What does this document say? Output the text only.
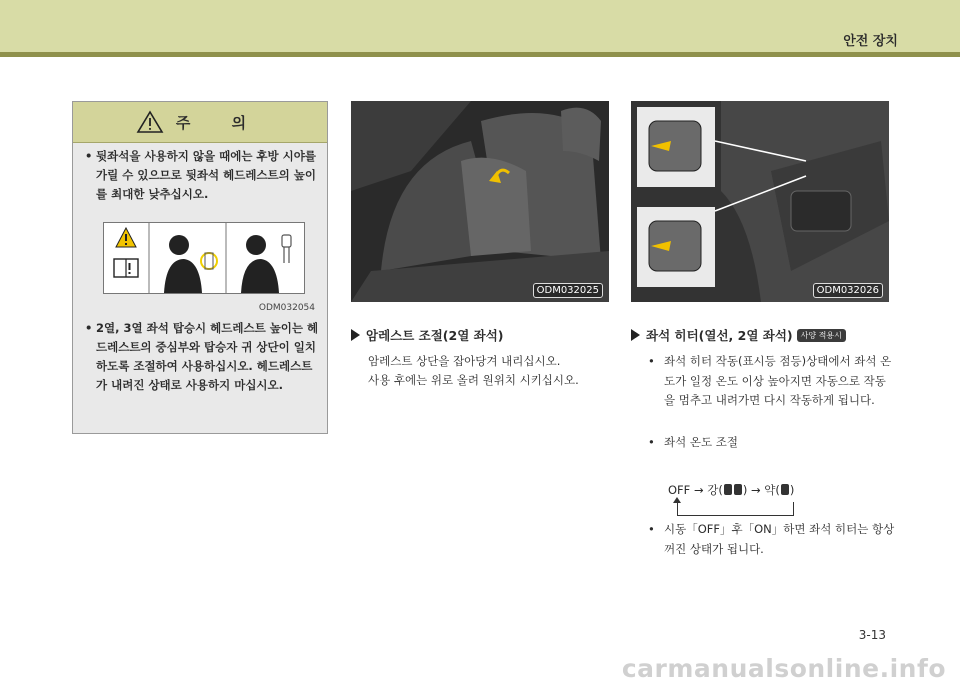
안전 장치
주 의
• 뒷좌석을 사용하지 않을 때에는 후방 시야를 가릴 수 있으므로 뒷좌석 헤드레스트의 높이를 최대한 낮추십시오.
ODM032054
• 2열, 3열 좌석 탑승시 헤드레스트 높이는 헤드레스트의 중심부와 탑승자 귀 상단이 일치하도록 조절하여 사용하십시오. 헤드레스트가 내려진 상태로 사용하지 마십시오.
ODM032025	ODM032026
암레스트 조절(2열 좌석)
암레스트 상단을 잡아당겨 내리십시오.
사용 후에는 위로 올려 원위치 시키십시오.
좌석 히터(열선, 2열 좌석) 사양 적용시
• 좌석 히터 작동(표시등 점등)상태에서 좌석 온도가 일정 온도 이상 높아지면 자동으로 작동을 멈추고 내려가면 다시 작동하게 됩니다.
• 좌석 온도 조절
OFF → 강( ) → 약( )
• 시동「OFF」후「ON」하면 좌석 히터는 항상 꺼진 상태가 됩니다.
3-13
carmanualsonline.info
